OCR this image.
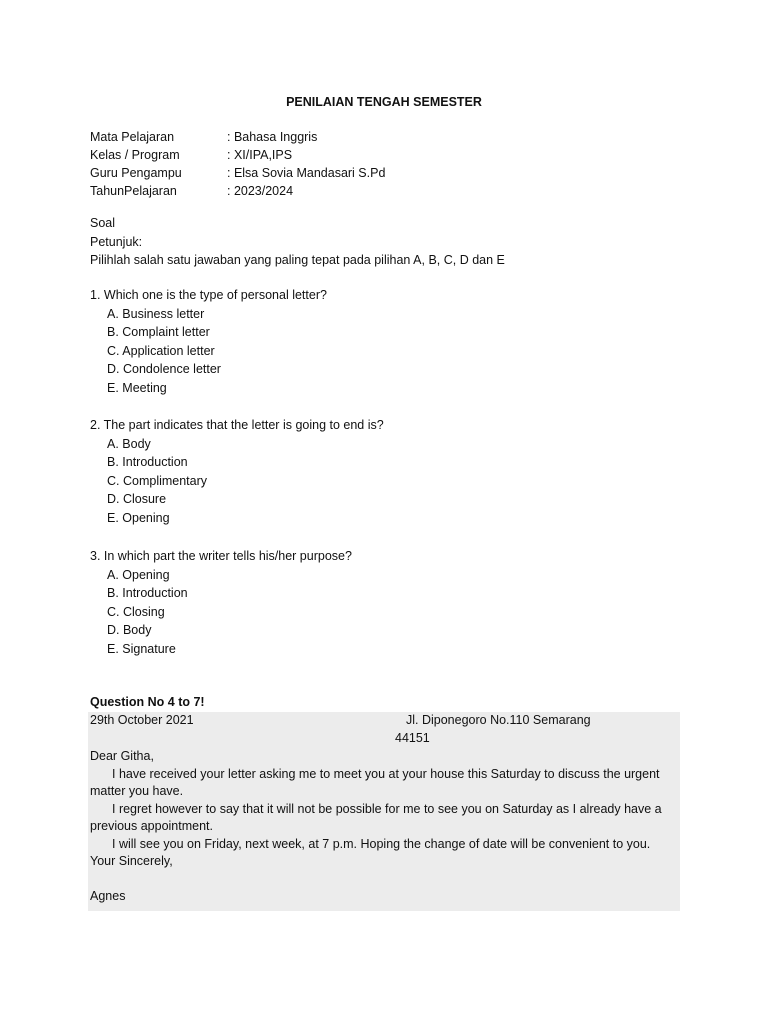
PENILAIAN TENGAH SEMESTER
Mata Pelajaran	: Bahasa Inggris
Kelas / Program	: XI/IPA,IPS
Guru Pengampu	: Elsa Sovia Mandasari S.Pd
TahunPelajaran	: 2023/2024
Soal
Petunjuk:
Pilihlah salah satu jawaban yang paling tepat pada pilihan A, B, C, D dan E
1. Which one is the type of personal letter?
A. Business letter
B. Complaint letter
C. Application letter
D. Condolence letter
E. Meeting
2. The part indicates that the letter is going to end is?
A. Body
B. Introduction
C. Complimentary
D. Closure
E. Opening
3. In which part the writer tells his/her purpose?
A. Opening
B. Introduction
C. Closing
D. Body
E. Signature
Question No 4 to 7!
29th October 2021	Jl. Diponegoro No.110 Semarang
44151
Dear Githa,
I have received your letter asking me to meet you at your house this Saturday to discuss the urgent matter you have.
I regret however to say that it will not be possible for me to see you on Saturday as I already have a previous appointment.
I will see you on Friday, next week, at 7 p.m. Hoping the change of date will be convenient to you.
Your Sincerely,
Agnes
